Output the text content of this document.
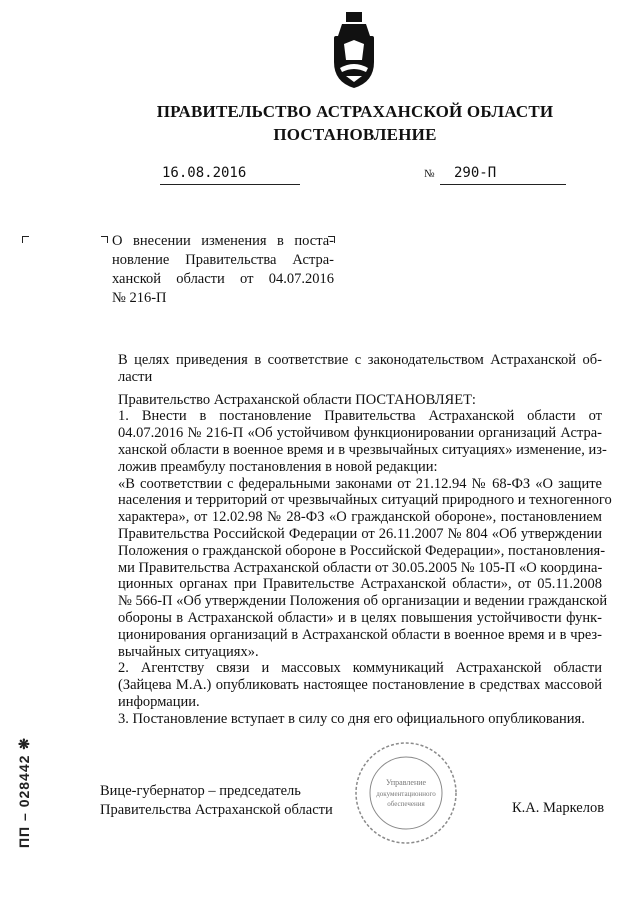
ПРАВИТЕЛЬСТВО АСТРАХАНСКОЙ ОБЛАСТИ
ПОСТАНОВЛЕНИЕ
16.08.2016	№ 290-П
О внесении изменения в поста-
новление Правительства Астра-
ханской области от 04.07.2016
№ 216-П
В целях приведения в соответствие с законодательством Астраханской об-
ласти
Правительство Астраханской области ПОСТАНОВЛЯЕТ:
1. Внести в постановление Правительства Астраханской области от
04.07.2016 № 216-П «Об устойчивом функционировании организаций Астра-
ханской области в военное время и в чрезвычайных ситуациях» изменение, из-
ложив преамбулу постановления в новой редакции:
«В соответствии с федеральными законами от 21.12.94 № 68-ФЗ «О защите
населения и территорий от чрезвычайных ситуаций природного и техногенного
характера», от 12.02.98 № 28-ФЗ «О гражданской обороне», постановлением
Правительства Российской Федерации от 26.11.2007 № 804 «Об утверждении
Положения о гражданской обороне в Российской Федерации», постановления-
ми Правительства Астраханской области от 30.05.2005 № 105-П «О координа-
ционных органах при Правительстве Астраханской области», от 05.11.2008
№ 566-П «Об утверждении Положения об организации и ведении гражданской
обороны в Астраханской области» и в целях повышения устойчивости функ-
ционирования организаций в Астраханской области в военное время и в чрез-
вычайных ситуациях».
2. Агентству связи и массовых коммуникаций Астраханской области
(Зайцева М.А.) опубликовать настоящее постановление в средствах массовой
информации.
3. Постановление вступает в силу со дня его официального опубликования.
Управление
документационного
обеспечения
Вице-губернатор – председатель
Правительства Астраханской области	К.А. Маркелов
ПП – 028442 ❋
